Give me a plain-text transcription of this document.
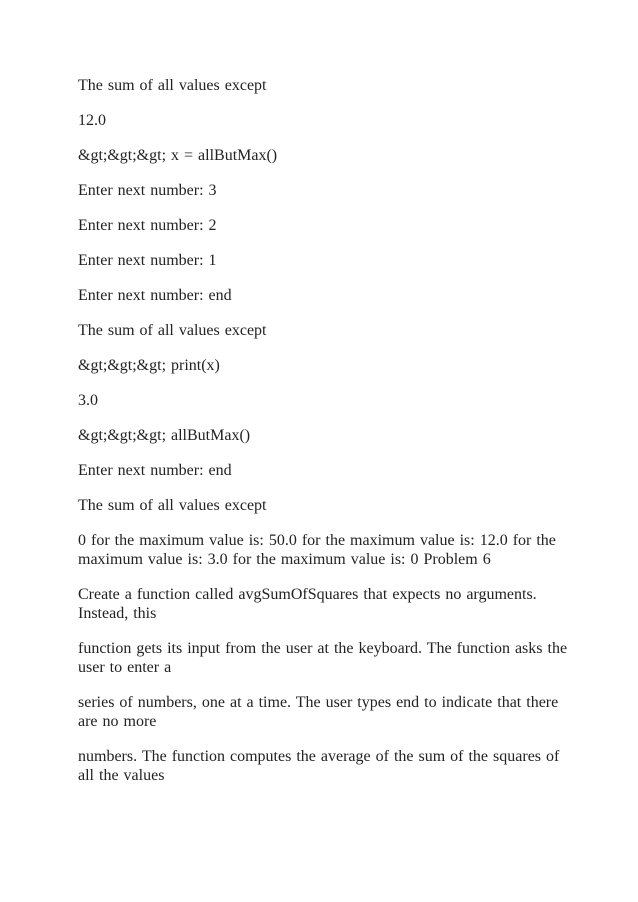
The sum of all values except

12.0

&gt;&gt;&gt; x = allButMax()

Enter next number: 3

Enter next number: 2

Enter next number: 1

Enter next number: end

The sum of all values except

&gt;&gt;&gt; print(x)

3.0

&gt;&gt;&gt; allButMax()

Enter next number: end

The sum of all values except

0 for the maximum value is: 50.0 for the maximum value is: 12.0 for the maximum value is: 3.0 for the maximum value is: 0 Problem 6

Create a function called avgSumOfSquares that expects no arguments. Instead, this

function gets its input from the user at the keyboard. The function asks the user to enter a

series of numbers, one at a time. The user types end to indicate that there are no more

numbers. The function computes the average of the sum of the squares of all the values
